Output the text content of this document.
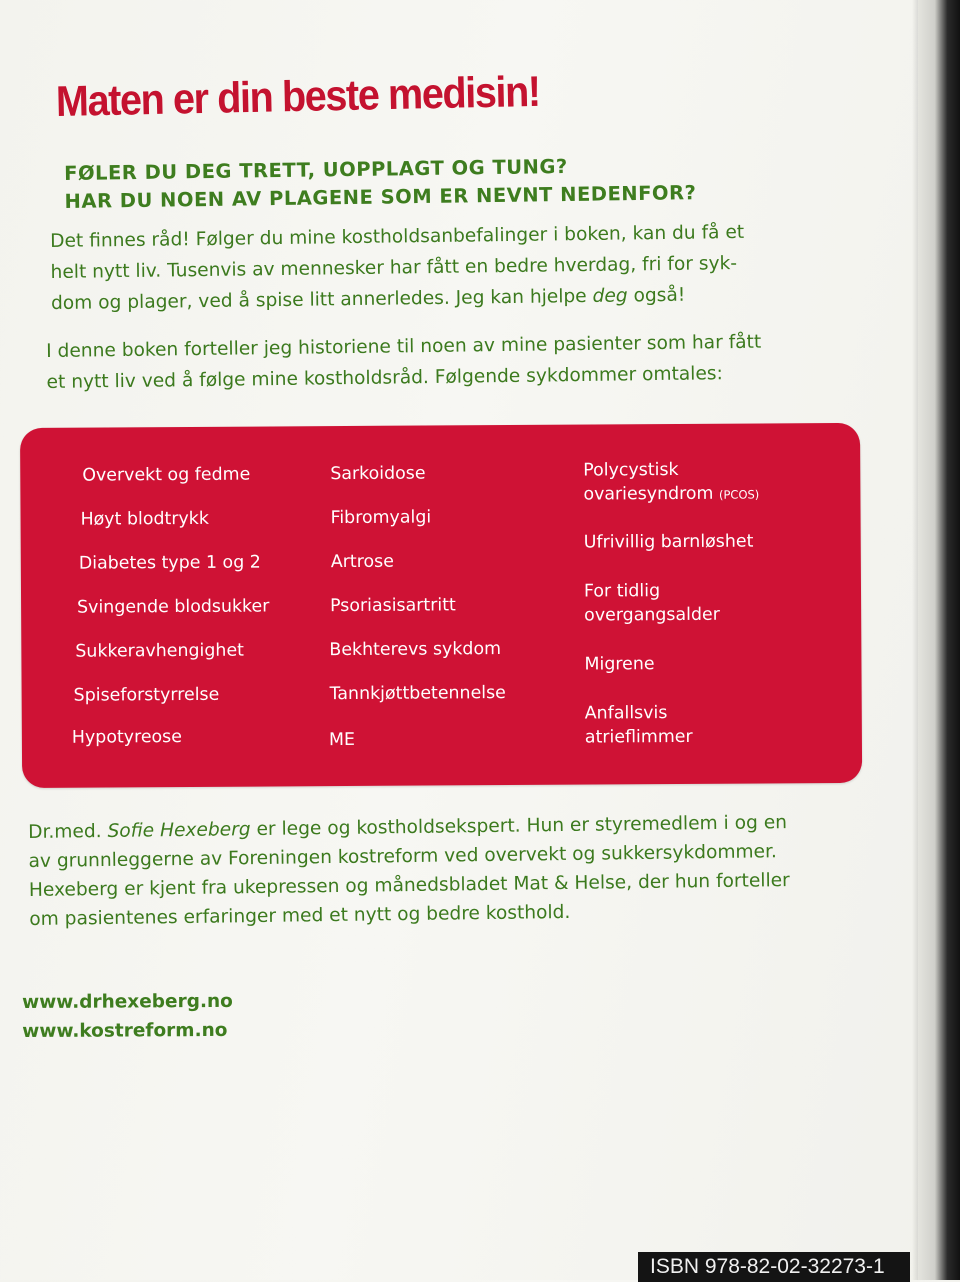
Maten er din beste medisin!
FØLER DU DEG TRETT, UOPPLAGT OG TUNG?
HAR DU NOEN AV PLAGENE SOM ER NEVNT NEDENFOR?
Det finnes råd! Følger du mine kostholdsanbefalinger i boken, kan du få et
helt nytt liv. Tusenvis av mennesker har fått en bedre hverdag, fri for syk-
dom og plager, ved å spise litt annerledes. Jeg kan hjelpe deg også!
I denne boken forteller jeg historiene til noen av mine pasienter som har fått
et nytt liv ved å følge mine kostholdsråd. Følgende sykdommer omtales:
Overvekt og fedme
Høyt blodtrykk
Diabetes type 1 og 2
Svingende blodsukker
Sukkeravhengighet
Spiseforstyrrelse
Hypotyreose
Sarkoidose
Fibromyalgi
Artrose
Psoriasisartritt
Bekhterevs sykdom
Tannkjøttbetennelse
ME
Polycystisk
ovariesyndrom (PCOS)
Ufrivillig barnløshet
For tidlig
overgangsalder
Migrene
Anfallsvis
atrieflimmer
Dr.med. Sofie Hexeberg er lege og kostholdsekspert. Hun er styremedlem i og en
av grunnleggerne av Foreningen kostreform ved overvekt og sukkersykdommer.
Hexeberg er kjent fra ukepressen og månedsbladet Mat & Helse, der hun forteller
om pasientenes erfaringer med et nytt og bedre kosthold.
www.drhexeberg.no
www.kostreform.no
ISBN 978-82-02-32273-1
